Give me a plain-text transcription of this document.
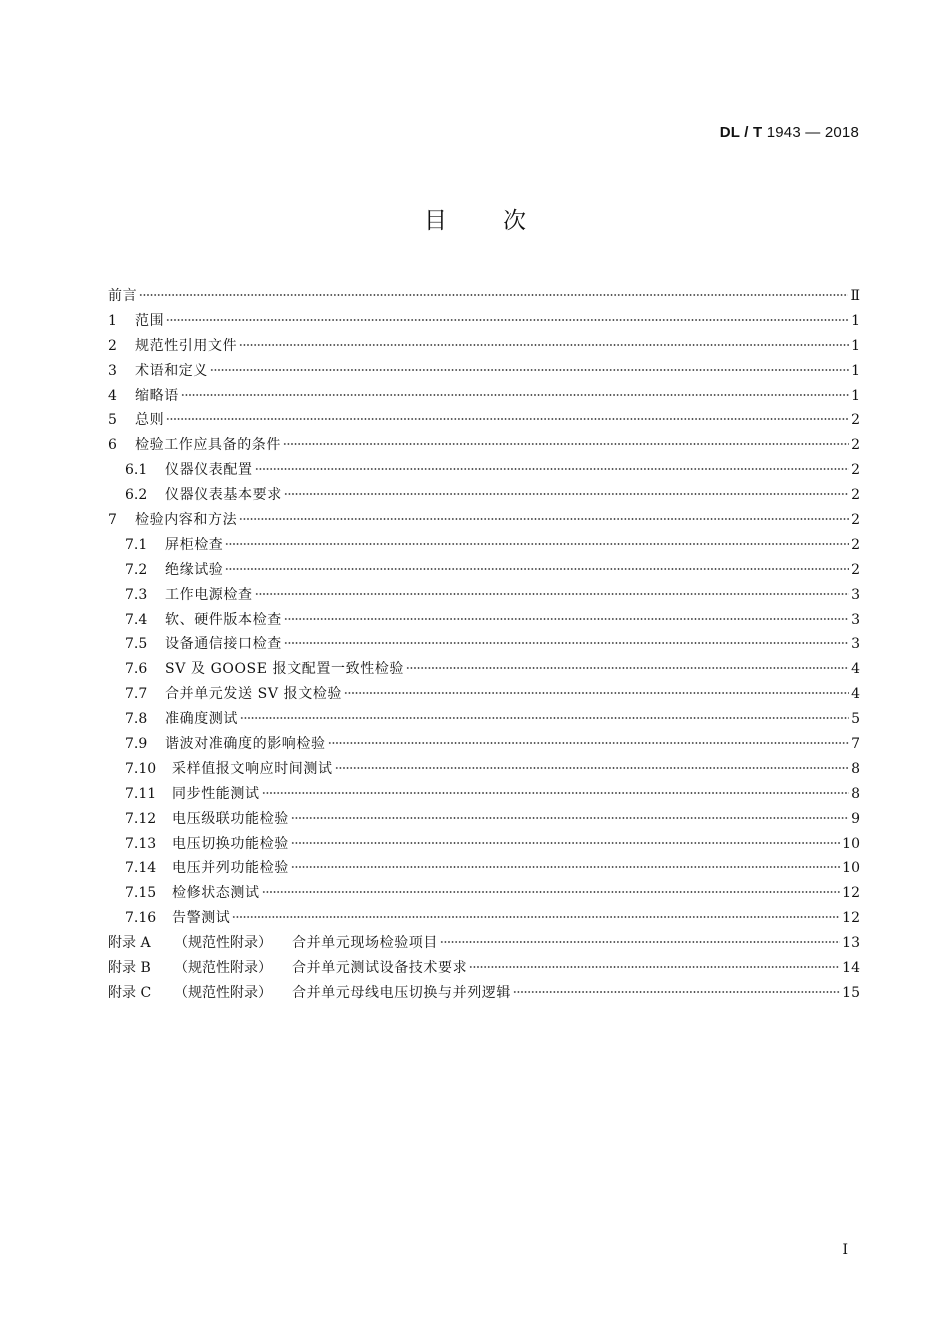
DL / T 1943 — 2018
目次
前言	Ⅱ
1	范围	1
2	规范性引用文件	1
3	术语和定义	1
4	缩略语	1
5	总则	2
6	检验工作应具备的条件	2
6.1	仪器仪表配置	2
6.2	仪器仪表基本要求	2
7	检验内容和方法	2
7.1	屏柜检查	2
7.2	绝缘试验	2
7.3	工作电源检查	3
7.4	软、硬件版本检查	3
7.5	设备通信接口检查	3
7.6	SV 及 GOOSE 报文配置一致性检验	4
7.7	合并单元发送 SV 报文检验	4
7.8	准确度测试	5
7.9	谐波对准确度的影响检验	7
7.10	采样值报文响应时间测试	8
7.11	同步性能测试	8
7.12	电压级联功能检验	9
7.13	电压切换功能检验	10
7.14	电压并列功能检验	10
7.15	检修状态测试	12
7.16	告警测试	12
附录 A	（规范性附录）	合并单元现场检验项目	13
附录 B	（规范性附录）	合并单元测试设备技术要求	14
附录 C	（规范性附录）	合并单元母线电压切换与并列逻辑	15
I
